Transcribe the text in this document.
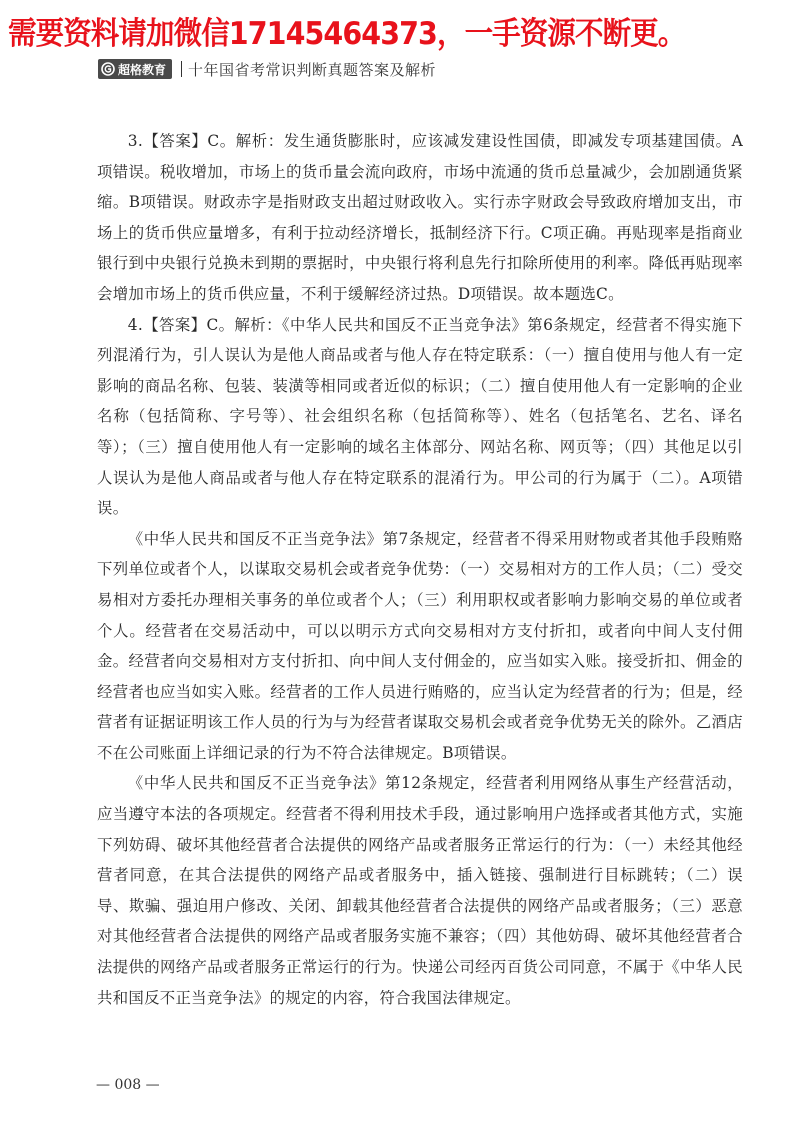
需要资料请加微信17145464373，一手资源不断更。
超格教育 十年国省考常识判断真题答案及解析

3.【答案】C。解析：发生通货膨胀时，应该减发建设性国债，即减发专项基建国债。A项错误。税收增加，市场上的货币量会流向政府，市场中流通的货币总量减少，会加剧通货紧缩。B项错误。财政赤字是指财政支出超过财政收入。实行赤字财政会导致政府增加支出，市场上的货币供应量增多，有利于拉动经济增长，抵制经济下行。C项正确。再贴现率是指商业银行到中央银行兑换未到期的票据时，中央银行将利息先行扣除所使用的利率。降低再贴现率会增加市场上的货币供应量，不利于缓解经济过热。D项错误。故本题选C。

4.【答案】C。解析：《中华人民共和国反不正当竞争法》第6条规定，经营者不得实施下列混淆行为，引人误认为是他人商品或者与他人存在特定联系：（一）擅自使用与他人有一定影响的商品名称、包装、装潢等相同或者近似的标识；（二）擅自使用他人有一定影响的企业名称（包括简称、字号等）、社会组织名称（包括简称等）、姓名（包括笔名、艺名、译名等）；（三）擅自使用他人有一定影响的域名主体部分、网站名称、网页等；（四）其他足以引人误认为是他人商品或者与他人存在特定联系的混淆行为。甲公司的行为属于（二）。A项错误。

《中华人民共和国反不正当竞争法》第7条规定，经营者不得采用财物或者其他手段贿赂下列单位或者个人，以谋取交易机会或者竞争优势：（一）交易相对方的工作人员；（二）受交易相对方委托办理相关事务的单位或者个人；（三）利用职权或者影响力影响交易的单位或者个人。经营者在交易活动中，可以以明示方式向交易相对方支付折扣，或者向中间人支付佣金。经营者向交易相对方支付折扣、向中间人支付佣金的，应当如实入账。接受折扣、佣金的经营者也应当如实入账。经营者的工作人员进行贿赂的，应当认定为经营者的行为；但是，经营者有证据证明该工作人员的行为与为经营者谋取交易机会或者竞争优势无关的除外。乙酒店不在公司账面上详细记录的行为不符合法律规定。B项错误。

《中华人民共和国反不正当竞争法》第12条规定，经营者利用网络从事生产经营活动，应当遵守本法的各项规定。经营者不得利用技术手段，通过影响用户选择或者其他方式，实施下列妨碍、破坏其他经营者合法提供的网络产品或者服务正常运行的行为：（一）未经其他经营者同意，在其合法提供的网络产品或者服务中，插入链接、强制进行目标跳转；（二）误导、欺骗、强迫用户修改、关闭、卸载其他经营者合法提供的网络产品或者服务；（三）恶意对其他经营者合法提供的网络产品或者服务实施不兼容；（四）其他妨碍、破坏其他经营者合法提供的网络产品或者服务正常运行的行为。快递公司经丙百货公司同意，不属于《中华人民共和国反不正当竞争法》的规定的内容，符合我国法律规定。

— 008 —
